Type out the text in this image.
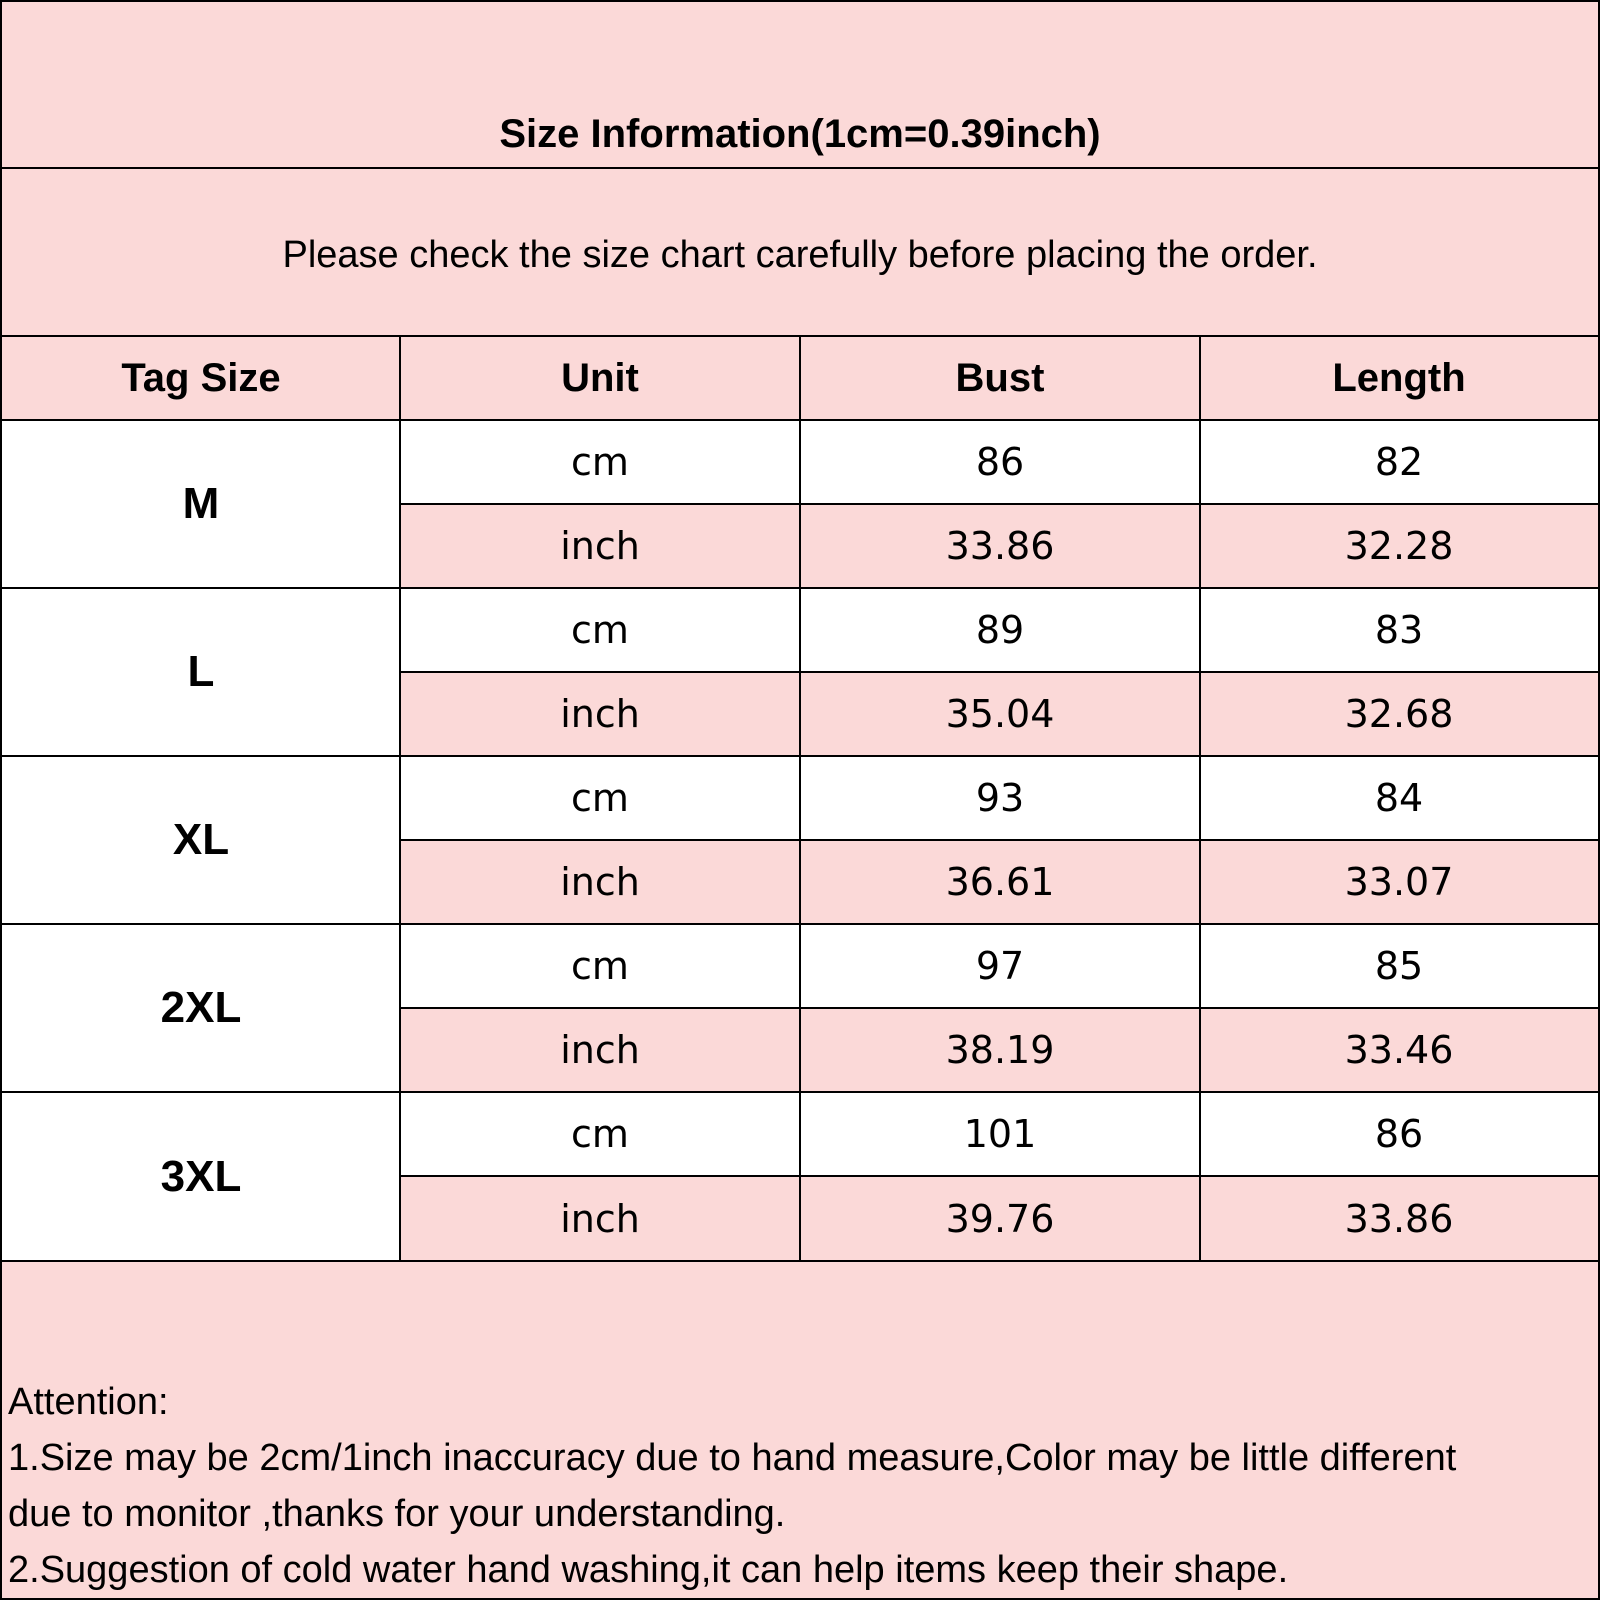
Size Information(1cm=0.39inch)
Please check the size chart carefully before placing the order.
Tag Size	Unit	Bust	Length
M
cm	86	82
inch	33.86	32.28
L
cm	89	83
inch	35.04	32.68
XL
cm	93	84
inch	36.61	33.07
2XL
cm	97	85
inch	38.19	33.46
3XL
cm	101	86
inch	39.76	33.86
Attention:
1.Size may be 2cm/1inch inaccuracy due to hand measure,Color may be little different
due to monitor ,thanks for your understanding.
2.Suggestion of cold water hand washing,it can help items keep their shape.
